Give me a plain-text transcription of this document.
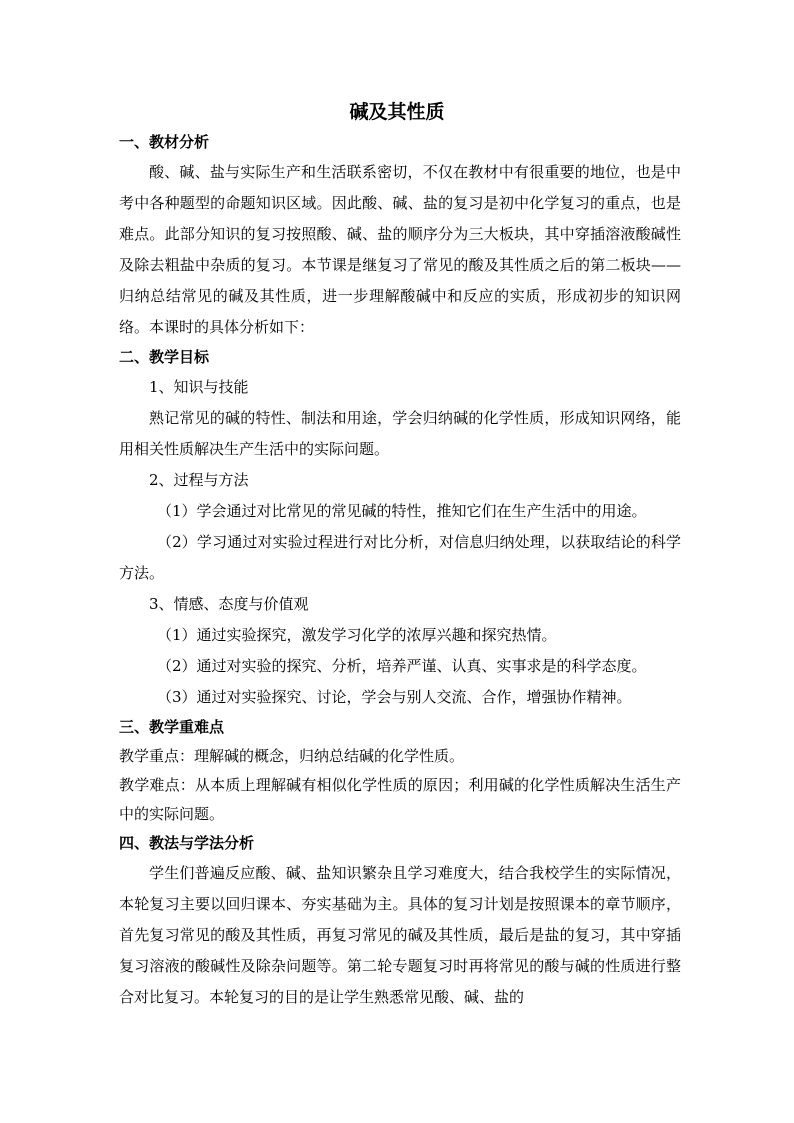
碱及其性质

一、教材分析

酸、碱、盐与实际生产和生活联系密切，不仅在教材中有很重要的地位，也是中考中各种题型的命题知识区域。因此酸、碱、盐的复习是初中化学复习的重点，也是难点。此部分知识的复习按照酸、碱、盐的顺序分为三大板块，其中穿插溶液酸碱性及除去粗盐中杂质的复习。本节课是继复习了常见的酸及其性质之后的第二板块——归纳总结常见的碱及其性质，进一步理解酸碱中和反应的实质，形成初步的知识网络。本课时的具体分析如下：

二、教学目标

1、知识与技能

熟记常见的碱的特性、制法和用途，学会归纳碱的化学性质，形成知识网络，能用相关性质解决生产生活中的实际问题。

2、过程与方法

（1）学会通过对比常见的常见碱的特性，推知它们在生产生活中的用途。

（2）学习通过对实验过程进行对比分析，对信息归纳处理，以获取结论的科学方法。

3、情感、态度与价值观

（1）通过实验探究，激发学习化学的浓厚兴趣和探究热情。

（2）通过对实验的探究、分析，培养严谨、认真、实事求是的科学态度。

（3）通过对实验探究、讨论，学会与别人交流、合作，增强协作精神。

三、教学重难点

教学重点：理解碱的概念，归纳总结碱的化学性质。

教学难点：从本质上理解碱有相似化学性质的原因；利用碱的化学性质解决生活生产中的实际问题。

四、教法与学法分析

学生们普遍反应酸、碱、盐知识繁杂且学习难度大，结合我校学生的实际情况，本轮复习主要以回归课本、夯实基础为主。具体的复习计划是按照课本的章节顺序，首先复习常见的酸及其性质，再复习常见的碱及其性质，最后是盐的复习，其中穿插复习溶液的酸碱性及除杂问题等。第二轮专题复习时再将常见的酸与碱的性质进行整合对比复习。本轮复习的目的是让学生熟悉常见酸、碱、盐的
